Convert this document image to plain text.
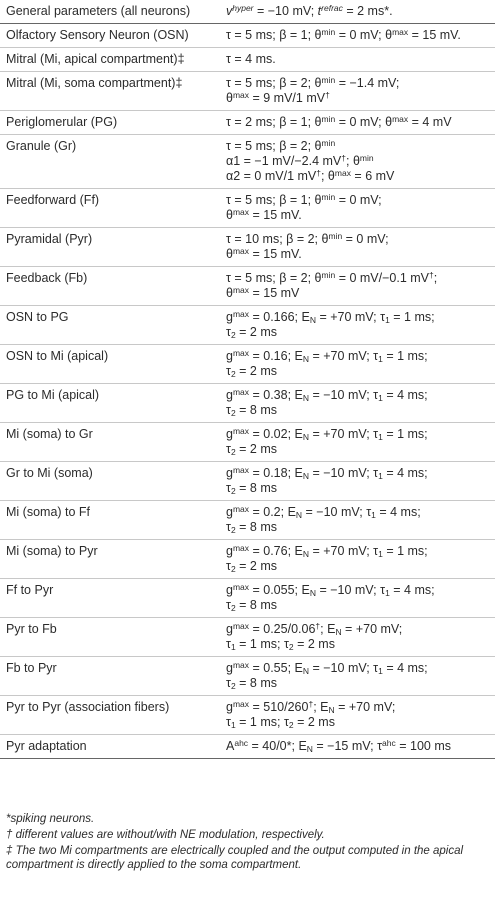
General parameters (all neurons)	$v^{hyper} = -10$ mV; $t^{refrac} = 2$ ms*.
Olfactory Sensory Neuron (OSN)	τ = 5 ms; β = 1; $\theta^{min} = 0$ mV; $\theta^{max} = 15$ mV.
Mitral (Mi, apical compartment)‡	τ = 4 ms.
Mitral (Mi, soma compartment)‡	τ = 5 ms; β = 2; $\theta^{min} = -1.4$ mV;
$\theta^{max} = 9$ mV/1 mV†
Periglomerular (PG)	τ = 2 ms; β = 1; $\theta^{min} = 0$ mV; $\theta^{max} = 4$ mV
Granule (Gr)	τ = 5 ms; β = 2; $\theta^{min}$
α1 = −1 mV/−2.4 mV†; $\theta^{min}$
α2 = 0 mV/1 mV†; $\theta^{max} = 6$ mV
Feedforward (Ff)	τ = 5 ms; β = 1; $\theta^{min} = 0$ mV;
$\theta^{max} = 15$ mV.
Pyramidal (Pyr)	τ = 10 ms; β = 2; $\theta^{min} = 0$ mV;
$\theta^{max} = 15$ mV.
Feedback (Fb)	τ = 5 ms; β = 2; $\theta^{min} = 0$ mV/−0.1 mV†;
$\theta^{max} = 15$ mV
OSN to PG	$g^{max} = 0.166$; $E_N = +70$ mV; $\tau_1 = 1$ ms;
$\tau_2 = 2$ ms
OSN to Mi (apical)	$g^{max} = 0.16$; $E_N = +70$ mV; $\tau_1 = 1$ ms;
$\tau_2 = 2$ ms
PG to Mi (apical)	$g^{max} = 0.38$; $E_N = -10$ mV; $\tau_1 = 4$ ms;
$\tau_2 = 8$ ms
Mi (soma) to Gr	$g^{max} = 0.02$; $E_N = +70$ mV; $\tau_1 = 1$ ms;
$\tau_2 = 2$ ms
Gr to Mi (soma)	$g^{max} = 0.18$; $E_N = -10$ mV; $\tau_1 = 4$ ms;
$\tau_2 = 8$ ms
Mi (soma) to Ff	$g^{max} = 0.2$; $E_N = -10$ mV; $\tau_1 = 4$ ms;
$\tau_2 = 8$ ms
Mi (soma) to Pyr	$g^{max} = 0.76$; $E_N = +70$ mV; $\tau_1 = 1$ ms;
$\tau_2 = 2$ ms
Ff to Pyr	$g^{max} = 0.055$; $E_N = -10$ mV; $\tau_1 = 4$ ms;
$\tau_2 = 8$ ms
Pyr to Fb	$g^{max} = 0.25/0.06^\dagger$; $E_N = +70$ mV;
$\tau_1 = 1$ ms; $\tau_2 = 2$ ms
Fb to Pyr	$g^{max} = 0.55$; $E_N = -10$ mV; $\tau_1 = 4$ ms;
$\tau_2 = 8$ ms
Pyr to Pyr (association fibers)	$g^{max} = 510/260^\dagger$; $E_N = +70$ mV;
$\tau_1 = 1$ ms; $\tau_2 = 2$ ms
Pyr adaptation	$A^{ahc} = 40/0*$; $E_N = -15$ mV; $\tau^{ahc} = 100$ ms
*spiking neurons.
† different values are without/with NE modulation, respectively.
‡ The two Mi compartments are electrically coupled and the output computed in the apical compartment is directly applied to the soma compartment.
